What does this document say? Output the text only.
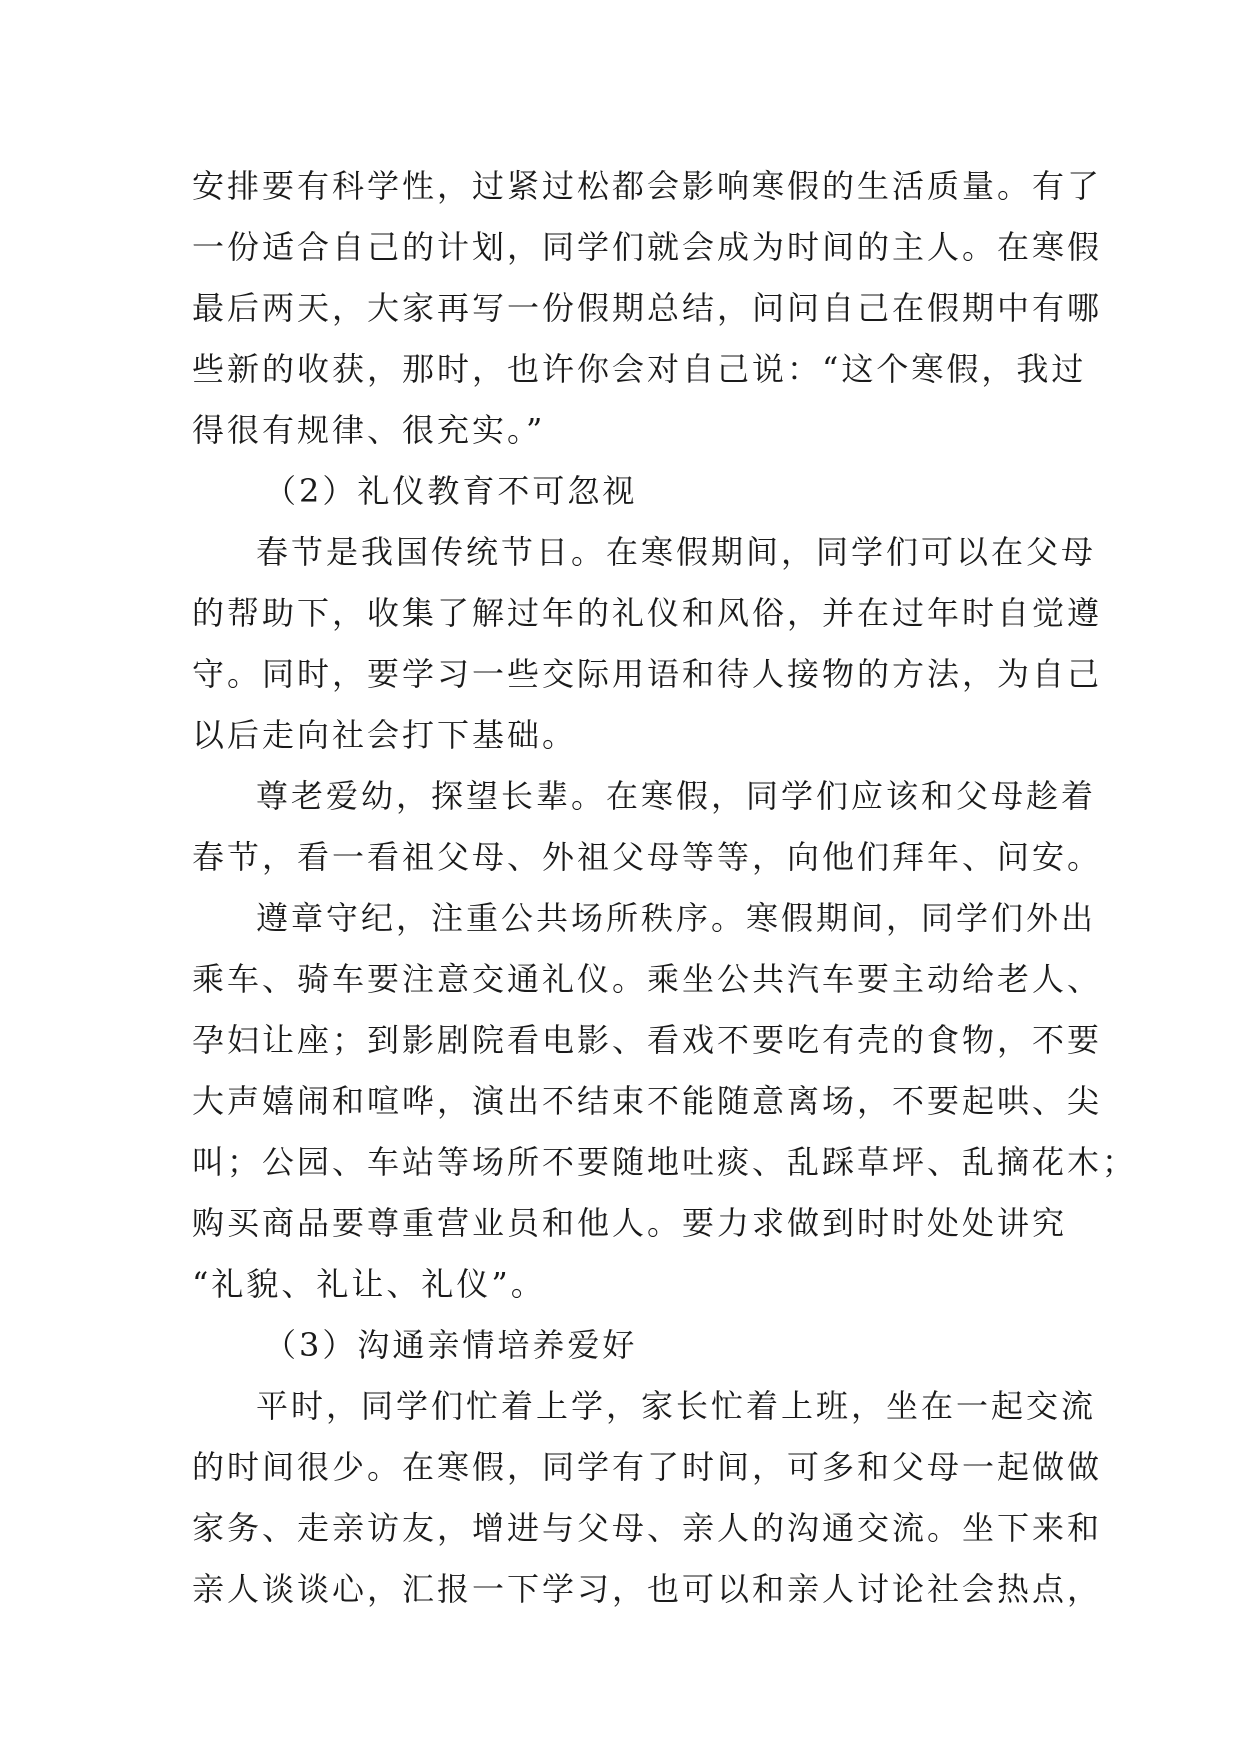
安排要有科学性，过紧过松都会影响寒假的生活质量。有了
一份适合自己的计划，同学们就会成为时间的主人。在寒假
最后两天，大家再写一份假期总结，问问自己在假期中有哪
些新的收获，那时，也许你会对自己说：“这个寒假，我过
得很有规律、很充实。”
（2）礼仪教育不可忽视
春节是我国传统节日。在寒假期间，同学们可以在父母
的帮助下，收集了解过年的礼仪和风俗，并在过年时自觉遵
守。同时，要学习一些交际用语和待人接物的方法，为自己
以后走向社会打下基础。
尊老爱幼，探望长辈。在寒假，同学们应该和父母趁着
春节，看一看祖父母、外祖父母等等，向他们拜年、问安。
遵章守纪，注重公共场所秩序。寒假期间，同学们外出
乘车、骑车要注意交通礼仪。乘坐公共汽车要主动给老人、
孕妇让座；到影剧院看电影、看戏不要吃有壳的食物，不要
大声嬉闹和喧哗，演出不结束不能随意离场，不要起哄、尖
叫；公园、车站等场所不要随地吐痰、乱踩草坪、乱摘花木；
购买商品要尊重营业员和他人。要力求做到时时处处讲究
“礼貌、礼让、礼仪”。
（3）沟通亲情培养爱好
平时，同学们忙着上学，家长忙着上班，坐在一起交流
的时间很少。在寒假，同学有了时间，可多和父母一起做做
家务、走亲访友，增进与父母、亲人的沟通交流。坐下来和
亲人谈谈心，汇报一下学习，也可以和亲人讨论社会热点，
